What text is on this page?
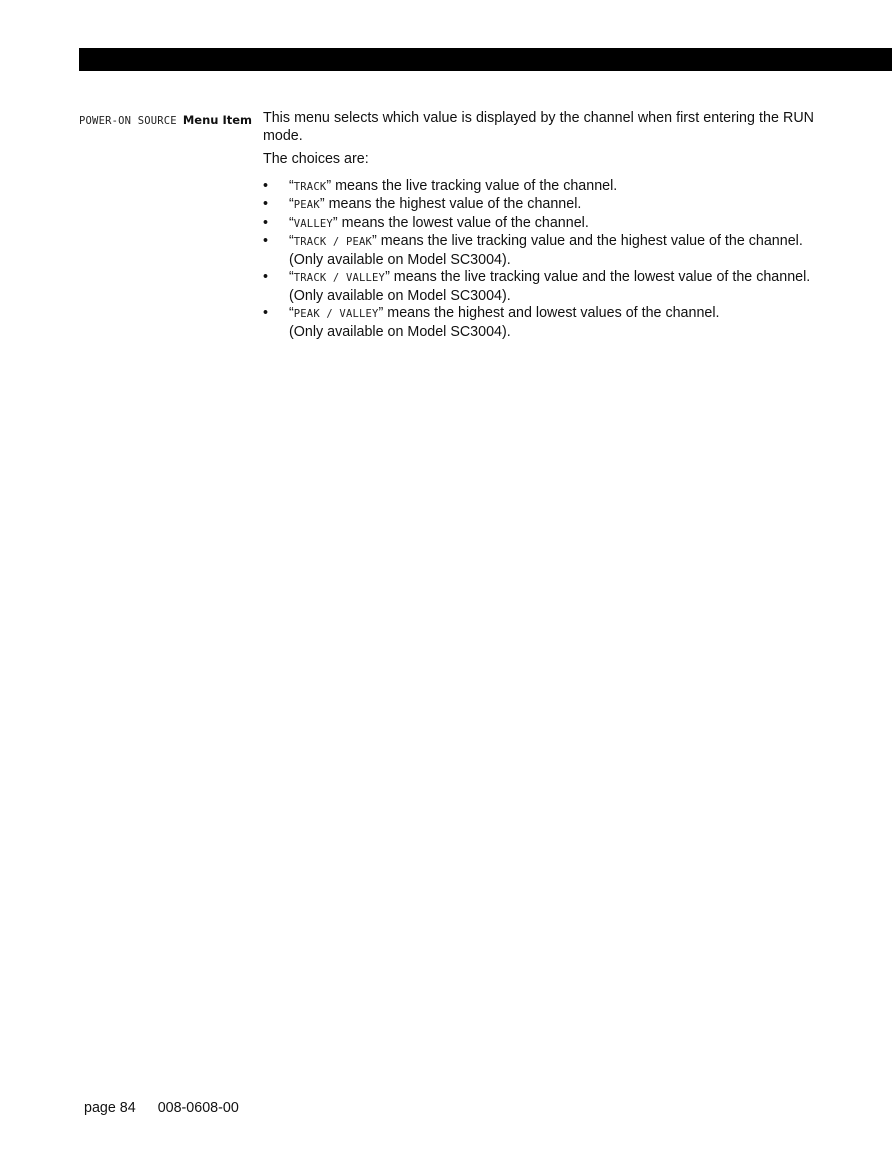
POWER-ON SOURCE Menu Item This menu selects which value is displayed by the channel when first entering the RUN mode.

The choices are:

• “TRACK” means the live tracking value of the channel.
• “PEAK” means the highest value of the channel.
• “VALLEY” means the lowest value of the channel.
• “TRACK / PEAK” means the live tracking value and the highest value of the channel.
(Only available on Model SC3004).
• “TRACK / VALLEY” means the live tracking value and the lowest value of the channel.
(Only available on Model SC3004).
• “PEAK / VALLEY” means the highest and lowest values of the channel.
(Only available on Model SC3004).
page 84 008-0608-00
